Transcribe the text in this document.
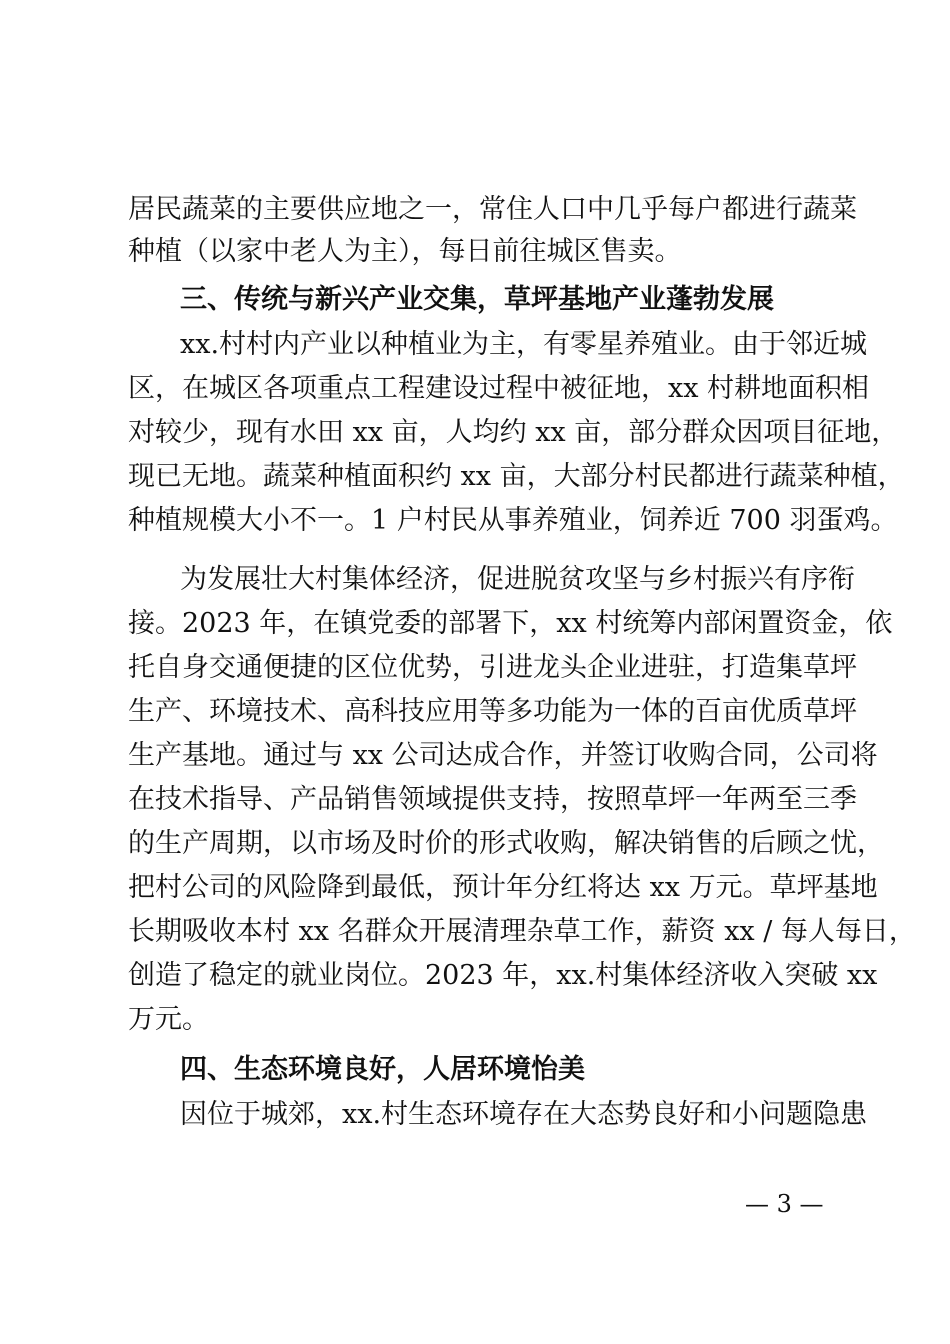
居民蔬菜的主要供应地之一，常住人口中几乎每户都进行蔬菜
种植（以家中老人为主），每日前往城区售卖。
三、传统与新兴产业交集，草坪基地产业蓬勃发展
xx.村村内产业以种植业为主，有零星养殖业。由于邻近城
区，在城区各项重点工程建设过程中被征地，xx 村耕地面积相
对较少，现有水田 xx 亩，人均约 xx 亩，部分群众因项目征地，
现已无地。蔬菜种植面积约 xx 亩，大部分村民都进行蔬菜种植，
种植规模大小不一。1 户村民从事养殖业，饲养近 700 羽蛋鸡。
为发展壮大村集体经济，促进脱贫攻坚与乡村振兴有序衔
接。2023 年，在镇党委的部署下，xx 村统筹内部闲置资金，依
托自身交通便捷的区位优势，引进龙头企业进驻，打造集草坪
生产、环境技术、高科技应用等多功能为一体的百亩优质草坪
生产基地。通过与 xx 公司达成合作，并签订收购合同，公司将
在技术指导、产品销售领域提供支持，按照草坪一年两至三季
的生产周期，以市场及时价的形式收购，解决销售的后顾之忧，
把村公司的风险降到最低，预计年分红将达 xx 万元。草坪基地
长期吸收本村 xx 名群众开展清理杂草工作，薪资 xx / 每人每日，
创造了稳定的就业岗位。2023 年，xx.村集体经济收入突破 xx
万元。
四、生态环境良好，人居环境怡美
因位于城郊，xx.村生态环境存在大态势良好和小问题隐患
— 3 —
